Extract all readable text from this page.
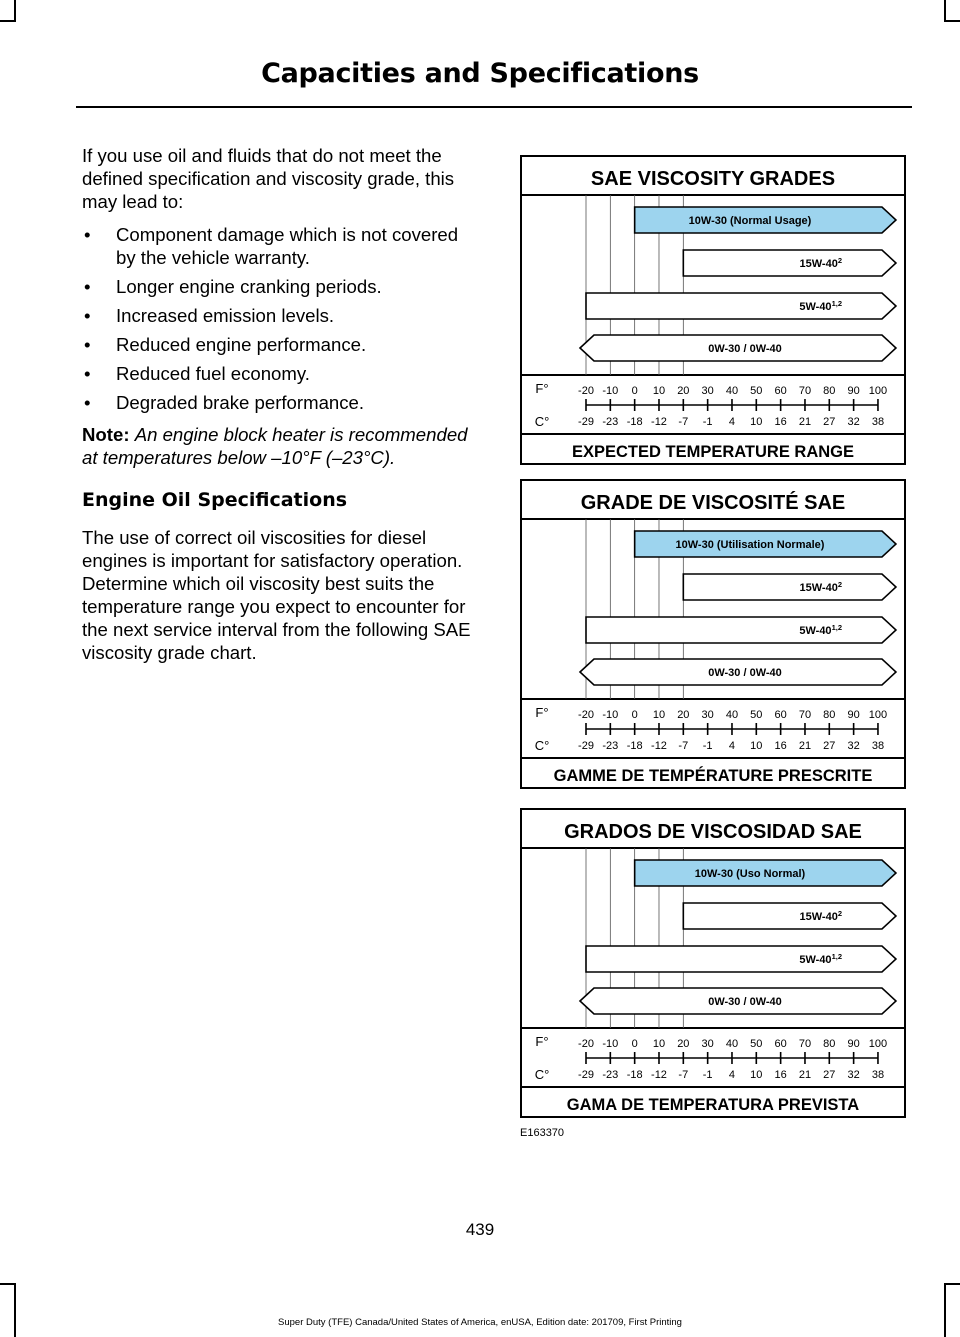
Capacities and Specifications

If you use oil and fluids that do not meet the defined specification and viscosity grade, this may lead to:

• Component damage which is not covered by the vehicle warranty.
• Longer engine cranking periods.
• Increased emission levels.
• Reduced engine performance.
• Reduced fuel economy.
• Degraded brake performance.

Note: An engine block heater is recommended at temperatures below –10°F (–23°C).

Engine Oil Specifications

The use of correct oil viscosities for diesel engines is important for satisfactory operation. Determine which oil viscosity best suits the temperature range you expect to encounter for the next service interval from the following SAE viscosity grade chart.

SAE VISCOSITY GRADES
EXPECTED TEMPERATURE RANGE
10W-30 (Normal Usage)
$15W-40^2$
5W-40$^{1,2}$
0W-30 / 0W-40
F°
C°
-20
-29
-10
-23
0
-18
10
-12
20
-7
30
-1
40
4
50
10
60
16
70
21
80
27
90
32
100
38
GRADE DE VISCOSITÉ SAE
GAMME DE TEMPÉRATURE PRESCRITE
10W-30 (Utilisation Normale)
$15W-40^2$
5W-40$^{1,2}$
0W-30 / 0W-40
F°
C°
-20
-29
-10
-23
0
-18
10
-12
20
-7
30
-1
40
4
50
10
60
16
70
21
80
27
90
32
100
38
GRADOS DE VISCOSIDAD SAE
GAMA DE TEMPERATURA PREVISTA
10W-30 (Uso Normal)
$15W-40^2$
5W-40$^{1,2}$
0W-30 / 0W-40
F°
C°
-20
-29
-10
-23
0
-18
10
-12
20
-7
30
-1
40
4
50
10
60
16
70
21
80
27
90
32
100
38
E163370
439
Super Duty (TFE) Canada/United States of America, enUSA, Edition date: 201709, First Printing
